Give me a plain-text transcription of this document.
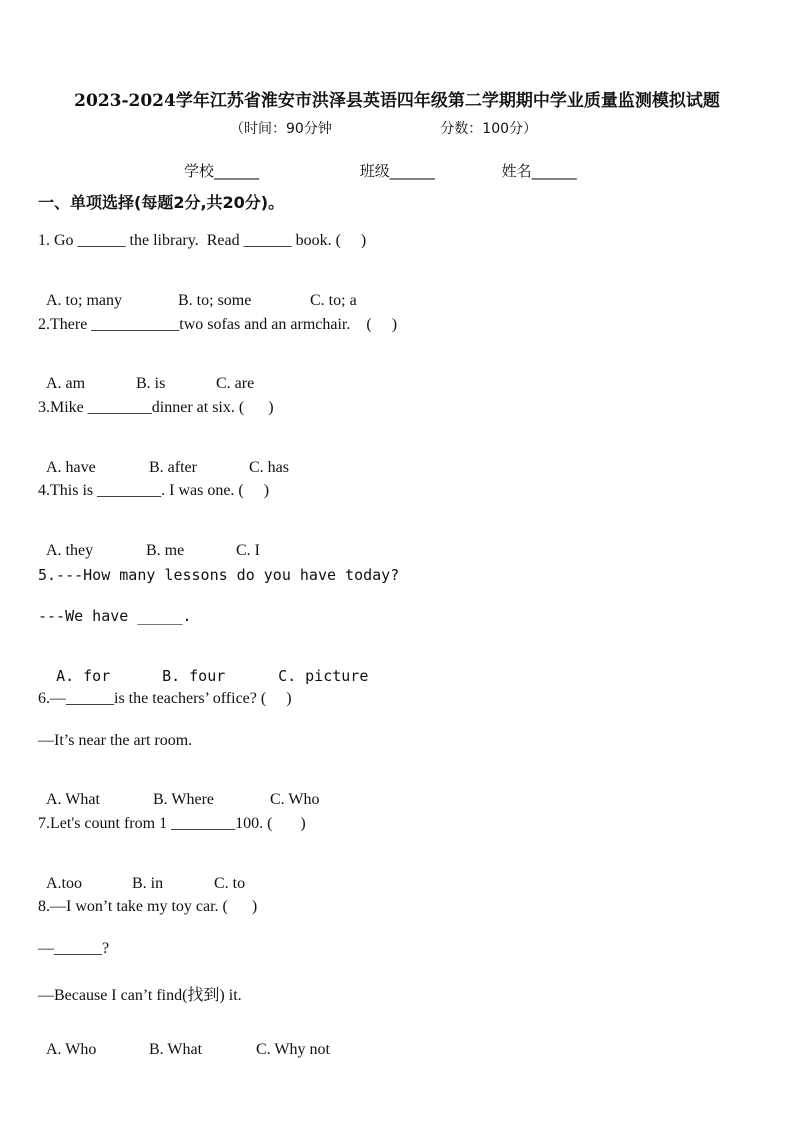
2023-2024学年江苏省淮安市洪泽县英语四年级第二学期期中学业质量监测模拟试题
（时间：90分钟	分数：100分）
学校______	班级______	姓名______
一、单项选择(每题2分,共20分)。
1. Go ______ the library.  Read ______ book. (     )

A. to; many	B. to; some	C. to; a

2.There ___________two sofas and an armchair.    (     )

A. am	B. is	C. are

3.Mike ________dinner at six. (      )

A. have	B. after	C. has

4.This is ________. I was one. (     )

A. they	B. me	C. I

5.---How many lessons do you have today?
---We have _____.

A. for	B. four	C. picture

6.—______is the teachers’ office? (     )
—It’s near the art room.

A. What	B. Where	C. Who

7.Let's count from 1 ________100. (       )

A.too	B. in	C. to

8.—I won’t take my toy car. (      )
—______?
—Because I can’t find(找到) it.

A. Who	B. What	C. Why not
